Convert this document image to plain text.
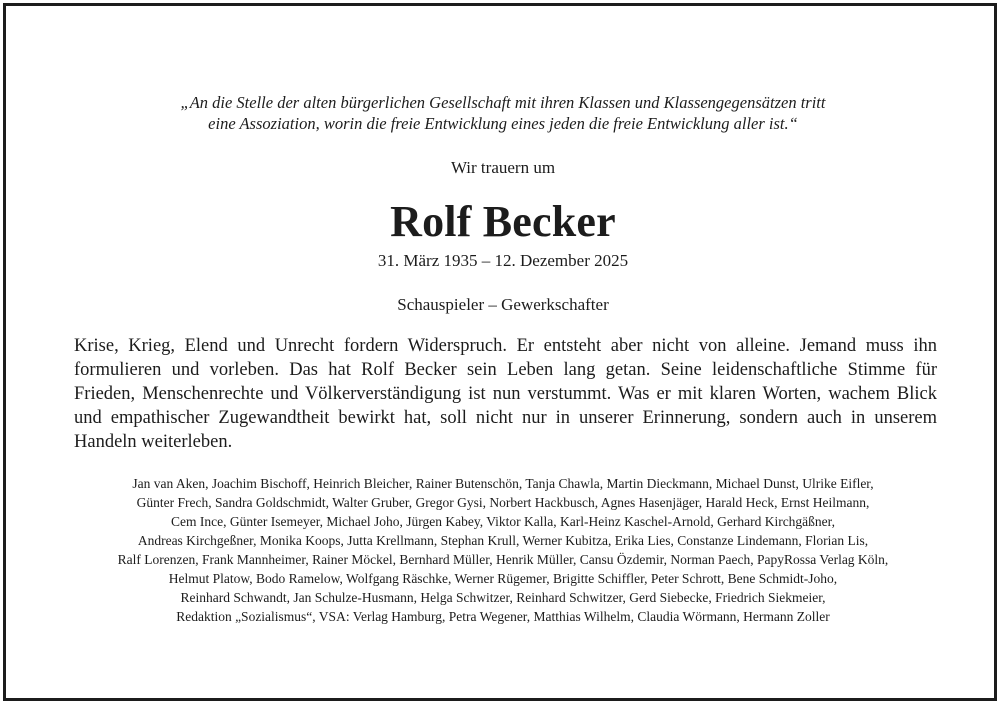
„An die Stelle der alten bürgerlichen Gesellschaft mit ihren Klassen und Klassengegensätzen tritt
eine Assoziation, worin die freie Entwicklung eines jeden die freie Entwicklung aller ist.“
Wir trauern um
Rolf Becker
31. März 1935 – 12. Dezember 2025
Schauspieler – Gewerkschafter
Krise, Krieg, Elend und Unrecht fordern Widerspruch. Er entsteht aber nicht von alleine. Jemand muss ihn
formulieren und vorleben. Das hat Rolf Becker sein Leben lang getan. Seine leidenschaftliche Stimme für
Frieden, Menschenrechte und Völkerverständigung ist nun verstummt. Was er mit klaren Worten, wachem Blick
und empathischer Zugewandtheit bewirkt hat, soll nicht nur in unserer Erinnerung, sondern auch in unserem
Handeln weiterleben.
Jan van Aken, Joachim Bischoff, Heinrich Bleicher, Rainer Butenschön, Tanja Chawla, Martin Dieckmann, Michael Dunst, Ulrike Eifler,
Günter Frech, Sandra Goldschmidt, Walter Gruber, Gregor Gysi, Norbert Hackbusch, Agnes Hasenjäger, Harald Heck, Ernst Heilmann,
Cem Ince, Günter Isemeyer, Michael Joho, Jürgen Kabey, Viktor Kalla, Karl-Heinz Kaschel-Arnold, Gerhard Kirchgäßner,
Andreas Kirchgeßner, Monika Koops, Jutta Krellmann, Stephan Krull, Werner Kubitza, Erika Lies, Constanze Lindemann, Florian Lis,
Ralf Lorenzen, Frank Mannheimer, Rainer Möckel, Bernhard Müller, Henrik Müller, Cansu Özdemir, Norman Paech, PapyRossa Verlag Köln,
Helmut Platow, Bodo Ramelow, Wolfgang Räschke, Werner Rügemer, Brigitte Schiffler, Peter Schrott, Bene Schmidt-Joho,
Reinhard Schwandt, Jan Schulze-Husmann, Helga Schwitzer, Reinhard Schwitzer, Gerd Siebecke, Friedrich Siekmeier,
Redaktion „Sozialismus“, VSA: Verlag Hamburg, Petra Wegener, Matthias Wilhelm, Claudia Wörmann, Hermann Zoller
